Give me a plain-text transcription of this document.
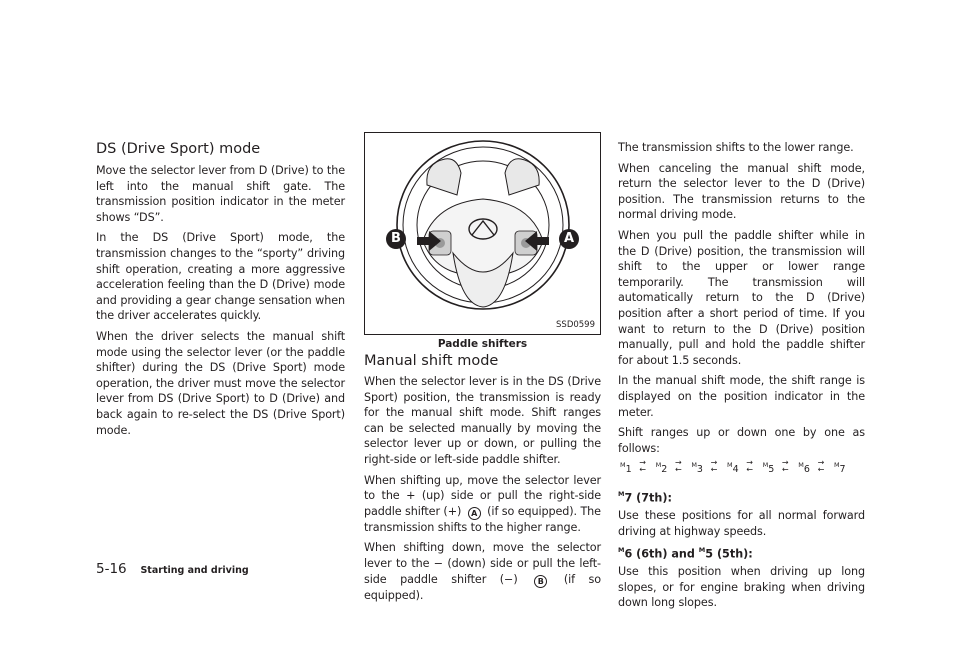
DS (Drive Sport) mode

Move the selector lever from D (Drive) to the left into the manual shift gate. The transmission position indicator in the meter shows “DS”.

In the DS (Drive Sport) mode, the transmission changes to the “sporty” driving shift operation, creating a more aggressive acceleration feeling than the D (Drive) mode and providing a gear change sensation when the driver accelerates quickly.

When the driver selects the manual shift mode using the selector lever (or the paddle shifter) during the DS (Drive Sport) mode operation, the driver must move the selector lever from DS (Drive Sport) to D (Drive) and back again to re-select the DS (Drive Sport) mode.

B	A
SSD0599
Paddle shifters
Manual shift mode

When the selector lever is in the DS (Drive Sport) position, the transmission is ready for the manual shift mode. Shift ranges can be selected manually by moving the selector lever up or down, or pulling the right-side or left-side paddle shifter.

When shifting up, move the selector lever to the + (up) side or pull the right-side paddle shifter (+) A (if so equipped). The transmission shifts to the higher range.

When shifting down, move the selector lever to the − (down) side or pull the left-side paddle shifter (−)	B (if so equipped).

The transmission shifts to the lower range.

When canceling the manual shift mode, return the selector lever to the D (Drive) position. The transmission returns to the normal driving mode.

When you pull the paddle shifter while in the D (Drive) position, the transmission will shift to the upper or lower range temporarily. The transmission will automatically return to the D (Drive) position after a short period of time. If you want to return to the D (Drive) position manually, pull and hold the paddle shifter for about 1.5 seconds.

In the manual shift mode, the shift range is displayed on the position indicator in the meter.

Shift ranges up or down one by one as follows:

$^M$1
→
←	$^M$2
→
←	$^M$3
→
←	$^M$4
→
←	$^M$5
→
←	$^M$6
→
←	$^M$7
$^M$7 (7th):

Use these positions for all normal forward driving at highway speeds.

$^M$6 (6th) and $^M$5 (5th):

Use this position when driving up long slopes, or for engine braking when driving down long slopes.

5-16 Starting and driving
